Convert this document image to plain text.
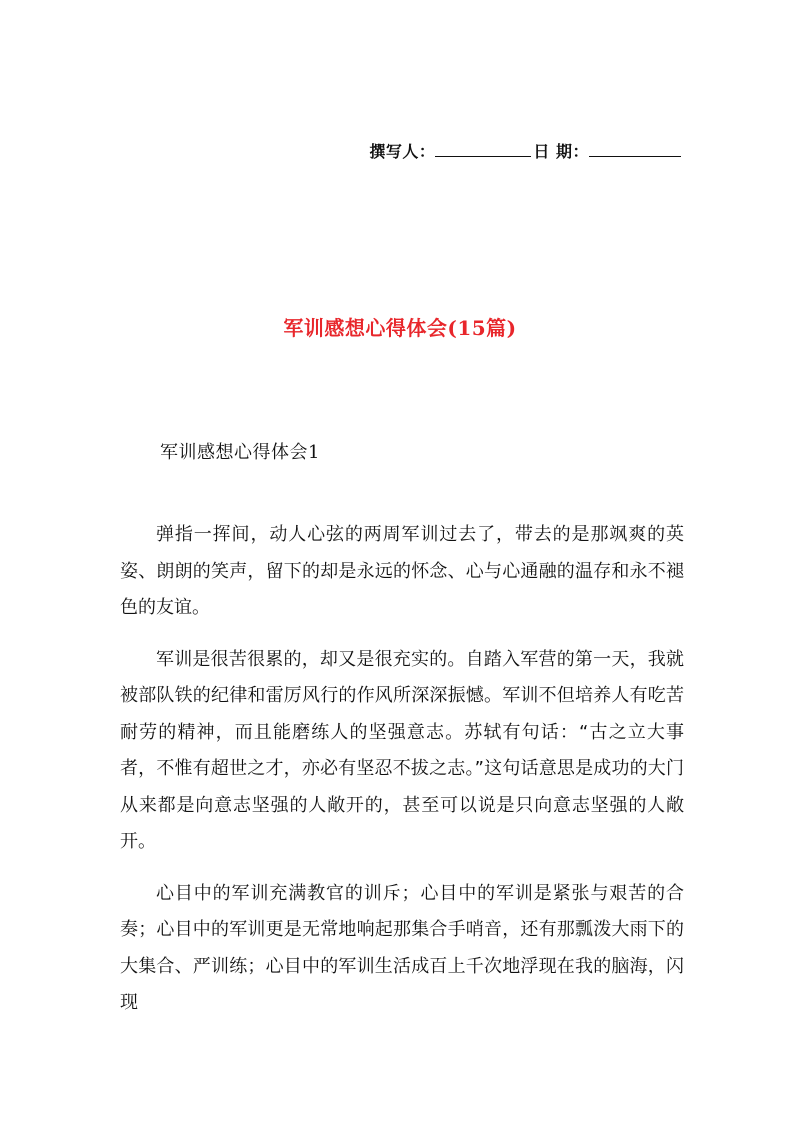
撰写人：	日 期：
军训感想心得体会(15篇)
军训感想心得体会1

弹指一挥间，动人心弦的两周军训过去了，带去的是那飒爽的英姿、朗朗的笑声，留下的却是永远的怀念、心与心通融的温存和永不褪色的友谊。

军训是很苦很累的，却又是很充实的。自踏入军营的第一天，我就被部队铁的纪律和雷厉风行的作风所深深振憾。军训不但培养人有吃苦耐劳的精神，而且能磨练人的坚强意志。苏轼有句话：“古之立大事者，不惟有超世之才，亦必有坚忍不拔之志。”这句话意思是成功的大门从来都是向意志坚强的人敞开的，甚至可以说是只向意志坚强的人敞开。

心目中的军训充满教官的训斥；心目中的军训是紧张与艰苦的合奏；心目中的军训更是无常地响起那集合手哨音，还有那瓢泼大雨下的大集合、严训练；心目中的军训生活成百上千次地浮现在我的脑海，闪现
